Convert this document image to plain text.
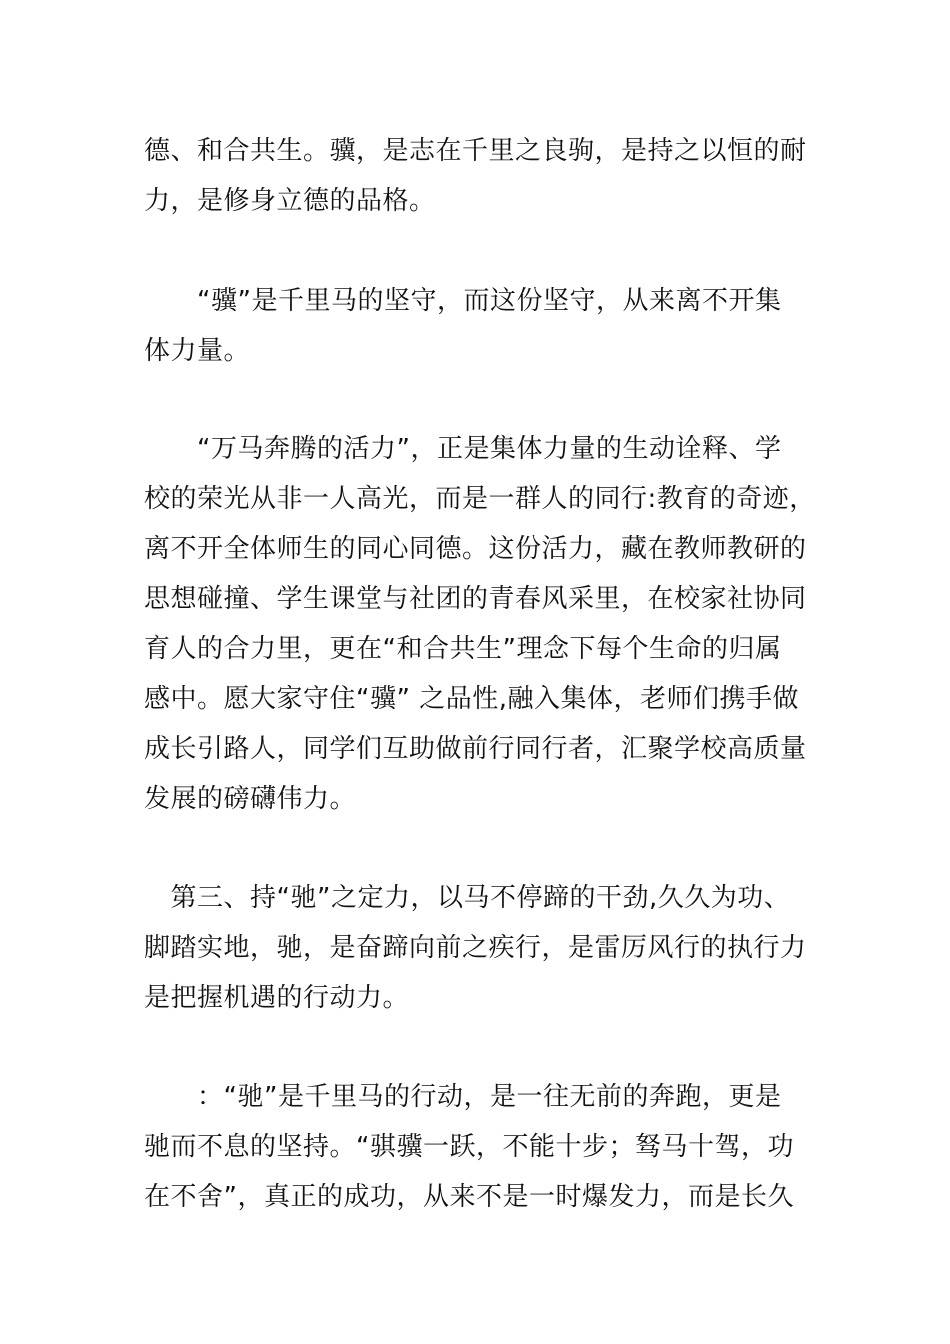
德、和合共生。骥，是志在千里之良驹，是持之以恒的耐
力，是修身立德的品格。
　　“骥”是千里马的坚守，而这份坚守，从来离不开集
体力量。
　　“万马奔腾的活力”，正是集体力量的生动诠释、学
校的荣光从非一人高光，而是一群人的同行:教育的奇迹，
离不开全体师生的同心同德。这份活力，藏在教师教研的
思想碰撞、学生课堂与社团的青春风采里，在校家社协同
育人的合力里，更在“和合共生”理念下每个生命的归属
感中。愿大家守住“骥” 之品性,融入集体，老师们携手做
成长引路人，同学们互助做前行同行者，汇聚学校高质量
发展的磅礴伟力。
　第三、持“驰”之定力，以马不停蹄的干劲,久久为功、
脚踏实地，驰，是奋蹄向前之疾行，是雷厉风行的执行力
是把握机遇的行动力。
　　：“驰”是千里马的行动，是一往无前的奔跑，更是
驰而不息的坚持。“骐骥一跃，不能十步；驽马十驾，功
在不舍”，真正的成功，从来不是一时爆发力，而是长久
